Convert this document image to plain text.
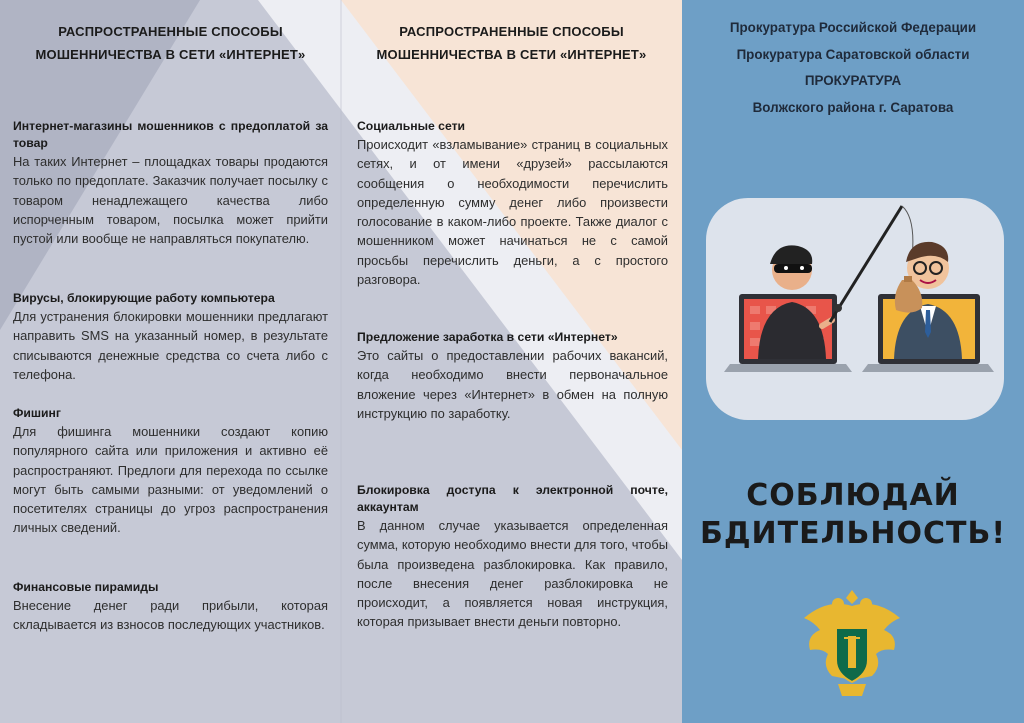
РАСПРОСТРАНЕННЫЕ СПОСОБЫ
МОШЕННИЧЕСТВА В СЕТИ «ИНТЕРНЕТ»
Интернет-магазины мошенников с предоплатой за товар

На таких Интернет – площадках товары продаются только по предоплате. Заказчик получает посылку с товаром ненадлежащего качества либо испорченным товаром, посылка может прийти пустой или вообще не направляться покупателю.

Вирусы, блокирующие работу компьютера

Для устранения блокировки мошенники предлагают направить SMS на указанный номер, в результате списываются денежные средства со счета либо с телефона.

Фишинг

Для фишинга мошенники создают копию популярного сайта или приложения и активно её распространяют. Предлоги для перехода по ссылке могут быть самыми разными: от уведомлений о посетителях страницы до угроз распространения личных сведений.

Финансовые пирамиды

Внесение денег ради прибыли, которая складывается из взносов последующих участников.

РАСПРОСТРАНЕННЫЕ СПОСОБЫ
МОШЕННИЧЕСТВА В СЕТИ «ИНТЕРНЕТ»
Социальные сети

Происходит «взламывание» страниц в социальных сетях, и от имени «друзей» рассылаются сообщения о необходимости перечислить определенную сумму денег либо произвести голосование в каком-либо проекте. Также диалог с мошенником может начинаться не с самой просьбы перечислить деньги, а с простого разговора.

Предложение заработка в сети «Интернет»

Это сайты о предоставлении рабочих вакансий, когда необходимо внести первоначальное вложение через «Интернет» в обмен на полную инструкцию по заработку.

Блокировка доступа к электронной почте, аккаунтам

В данном случае указывается определенная сумма, которую необходимо внести для того, чтобы была произведена разблокировка. Как правило, после внесения денег разблокировка не происходит, а появляется новая инструкция, которая призывает внести деньги повторно.

Прокуратура Российской Федерации
Прокуратура Саратовской области
ПРОКУРАТУРА
Волжского района г. Саратова
СОБЛЮДАЙ
БДИТЕЛЬНОСТЬ!
